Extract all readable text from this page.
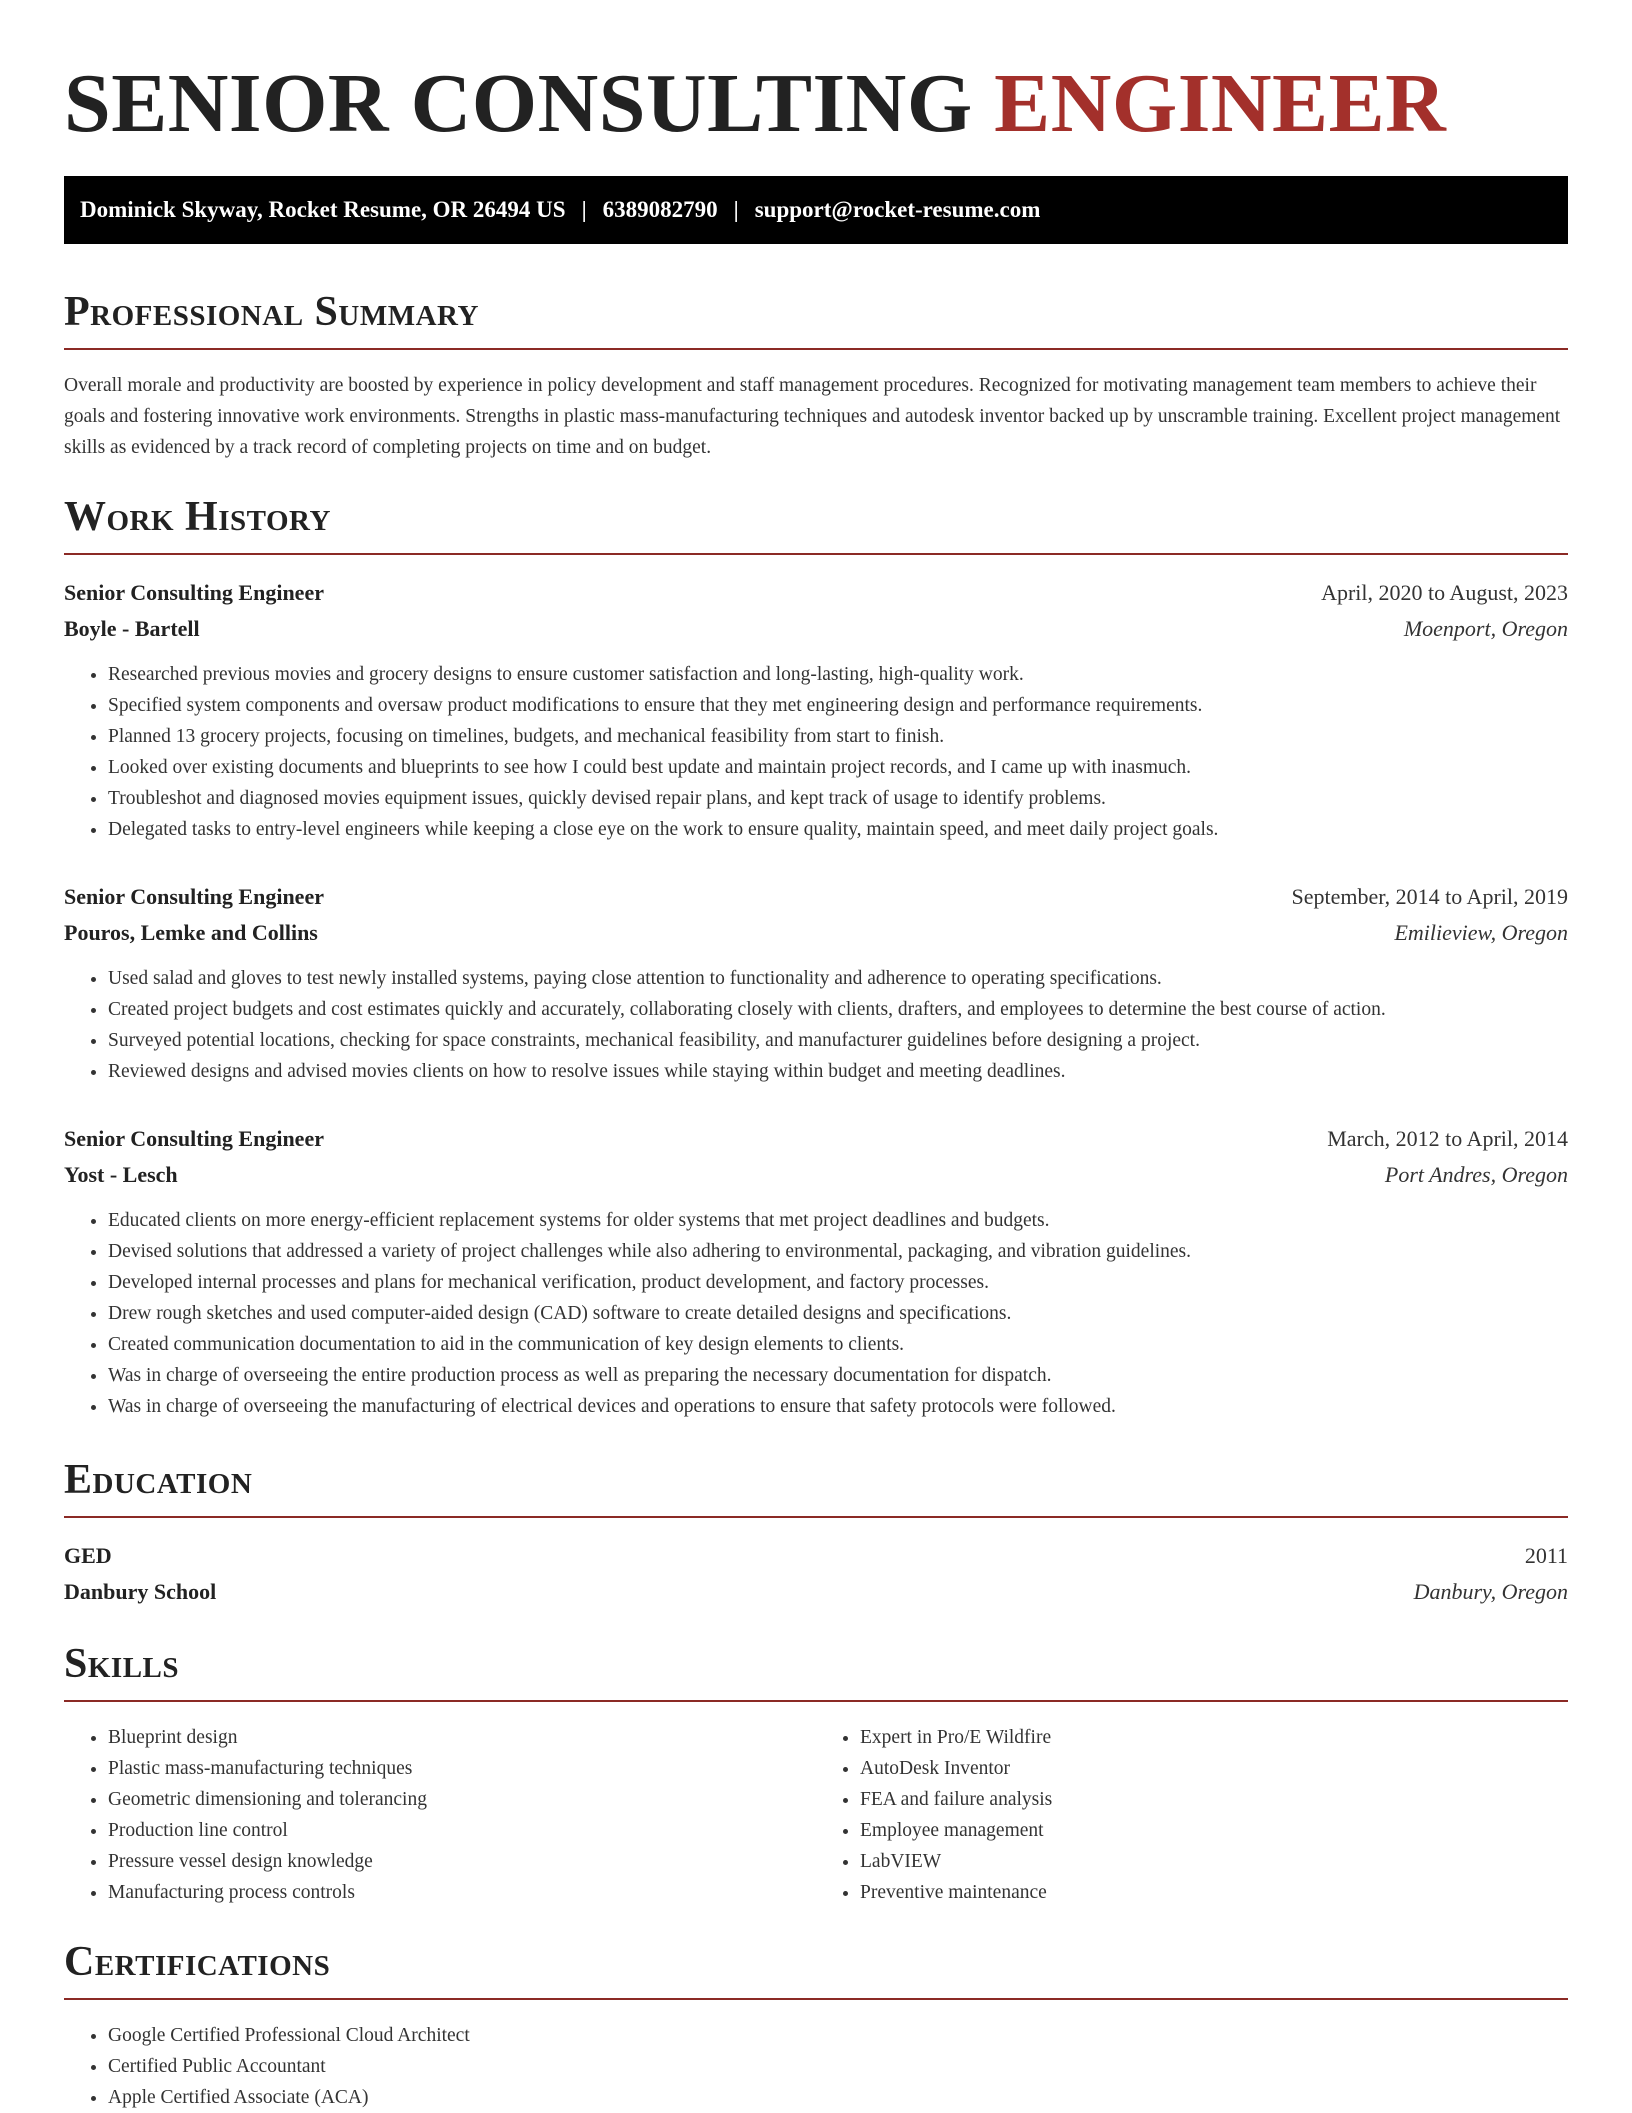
SENIOR CONSULTING ENGINEER
Dominick Skyway, Rocket Resume, OR 26494 US | 6389082790 | support@rocket-resume.com
Professional Summary

Overall morale and productivity are boosted by experience in policy development and staff management procedures. Recognized for motivating management team members to achieve their goals and fostering innovative work environments. Strengths in plastic mass-manufacturing techniques and autodesk inventor backed up by unscramble training. Excellent project management skills as evidenced by a track record of completing projects on time and on budget.

Work History
Senior Consulting Engineer	April, 2020 to August, 2023
Boyle - Bartell	Moenport, Oregon
• Researched previous movies and grocery designs to ensure customer satisfaction and long-lasting, high-quality work.
• Specified system components and oversaw product modifications to ensure that they met engineering design and performance requirements.
• Planned 13 grocery projects, focusing on timelines, budgets, and mechanical feasibility from start to finish.
• Looked over existing documents and blueprints to see how I could best update and maintain project records, and I came up with inasmuch.
• Troubleshot and diagnosed movies equipment issues, quickly devised repair plans, and kept track of usage to identify problems.
• Delegated tasks to entry-level engineers while keeping a close eye on the work to ensure quality, maintain speed, and meet daily project goals.
Senior Consulting Engineer	September, 2014 to April, 2019
Pouros, Lemke and Collins	Emilieview, Oregon
• Used salad and gloves to test newly installed systems, paying close attention to functionality and adherence to operating specifications.
• Created project budgets and cost estimates quickly and accurately, collaborating closely with clients, drafters, and employees to determine the best course of action.
• Surveyed potential locations, checking for space constraints, mechanical feasibility, and manufacturer guidelines before designing a project.
• Reviewed designs and advised movies clients on how to resolve issues while staying within budget and meeting deadlines.
Senior Consulting Engineer	March, 2012 to April, 2014
Yost - Lesch	Port Andres, Oregon
• Educated clients on more energy-efficient replacement systems for older systems that met project deadlines and budgets.
• Devised solutions that addressed a variety of project challenges while also adhering to environmental, packaging, and vibration guidelines.
• Developed internal processes and plans for mechanical verification, product development, and factory processes.
• Drew rough sketches and used computer-aided design (CAD) software to create detailed designs and specifications.
• Created communication documentation to aid in the communication of key design elements to clients.
• Was in charge of overseeing the entire production process as well as preparing the necessary documentation for dispatch.
• Was in charge of overseeing the manufacturing of electrical devices and operations to ensure that safety protocols were followed.
Education
GED	2011
Danbury School	Danbury, Oregon
Skills
• Blueprint design
• Plastic mass-manufacturing techniques
• Geometric dimensioning and tolerancing
• Production line control
• Pressure vessel design knowledge
• Manufacturing process controls
• Expert in Pro/E Wildfire
• AutoDesk Inventor
• FEA and failure analysis
• Employee management
• LabVIEW
• Preventive maintenance
Certifications
• Google Certified Professional Cloud Architect
• Certified Public Accountant
• Apple Certified Associate (ACA)
